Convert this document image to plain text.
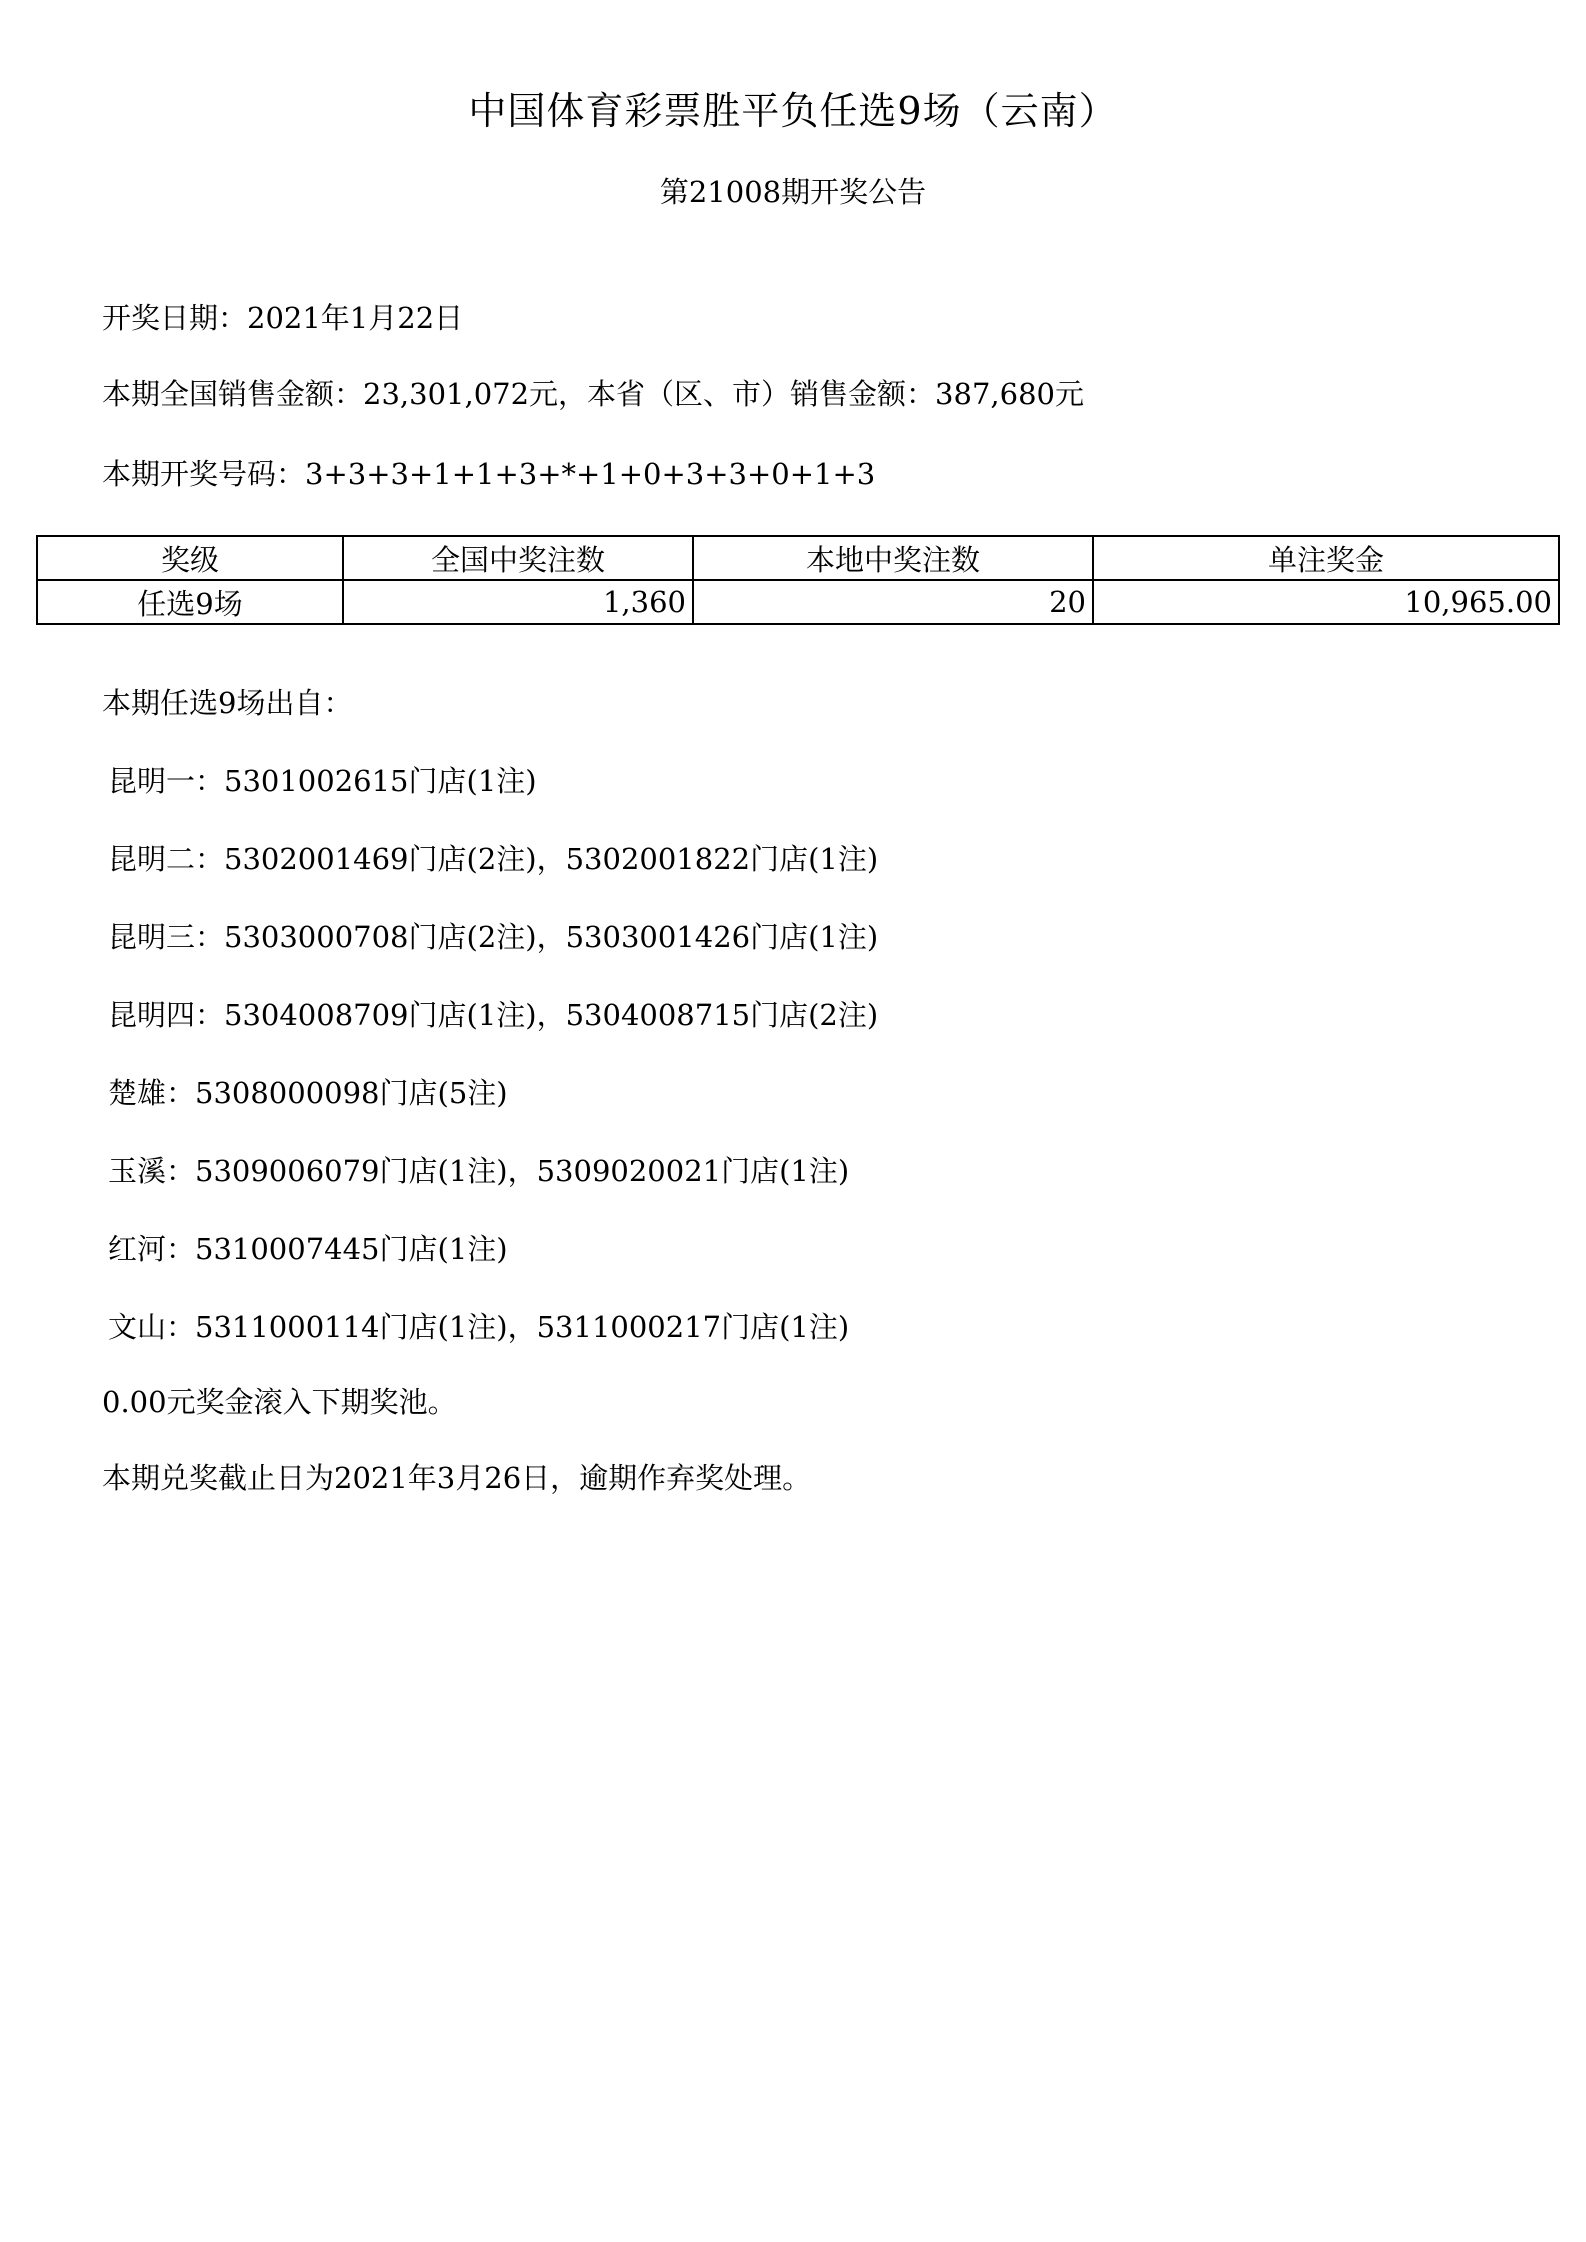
中国体育彩票胜平负任选9场（云南）
第21008期开奖公告
开奖日期：2021年1月22日
本期全国销售金额：23,301,072元，本省（区、市）销售金额：387,680元
本期开奖号码：3+3+3+1+1+3+*+1+0+3+3+0+1+3
奖级	全国中奖注数	本地中奖注数	单注奖金
任选9场	1,360	20	10,965.00
本期任选9场出自：
昆明一：5301002615门店(1注)
昆明二：5302001469门店(2注)，5302001822门店(1注)
昆明三：5303000708门店(2注)，5303001426门店(1注)
昆明四：5304008709门店(1注)，5304008715门店(2注)
楚雄：5308000098门店(5注)
玉溪：5309006079门店(1注)，5309020021门店(1注)
红河：5310007445门店(1注)
文山：5311000114门店(1注)，5311000217门店(1注)
0.00元奖金滚入下期奖池。
本期兑奖截止日为2021年3月26日，逾期作弃奖处理。
